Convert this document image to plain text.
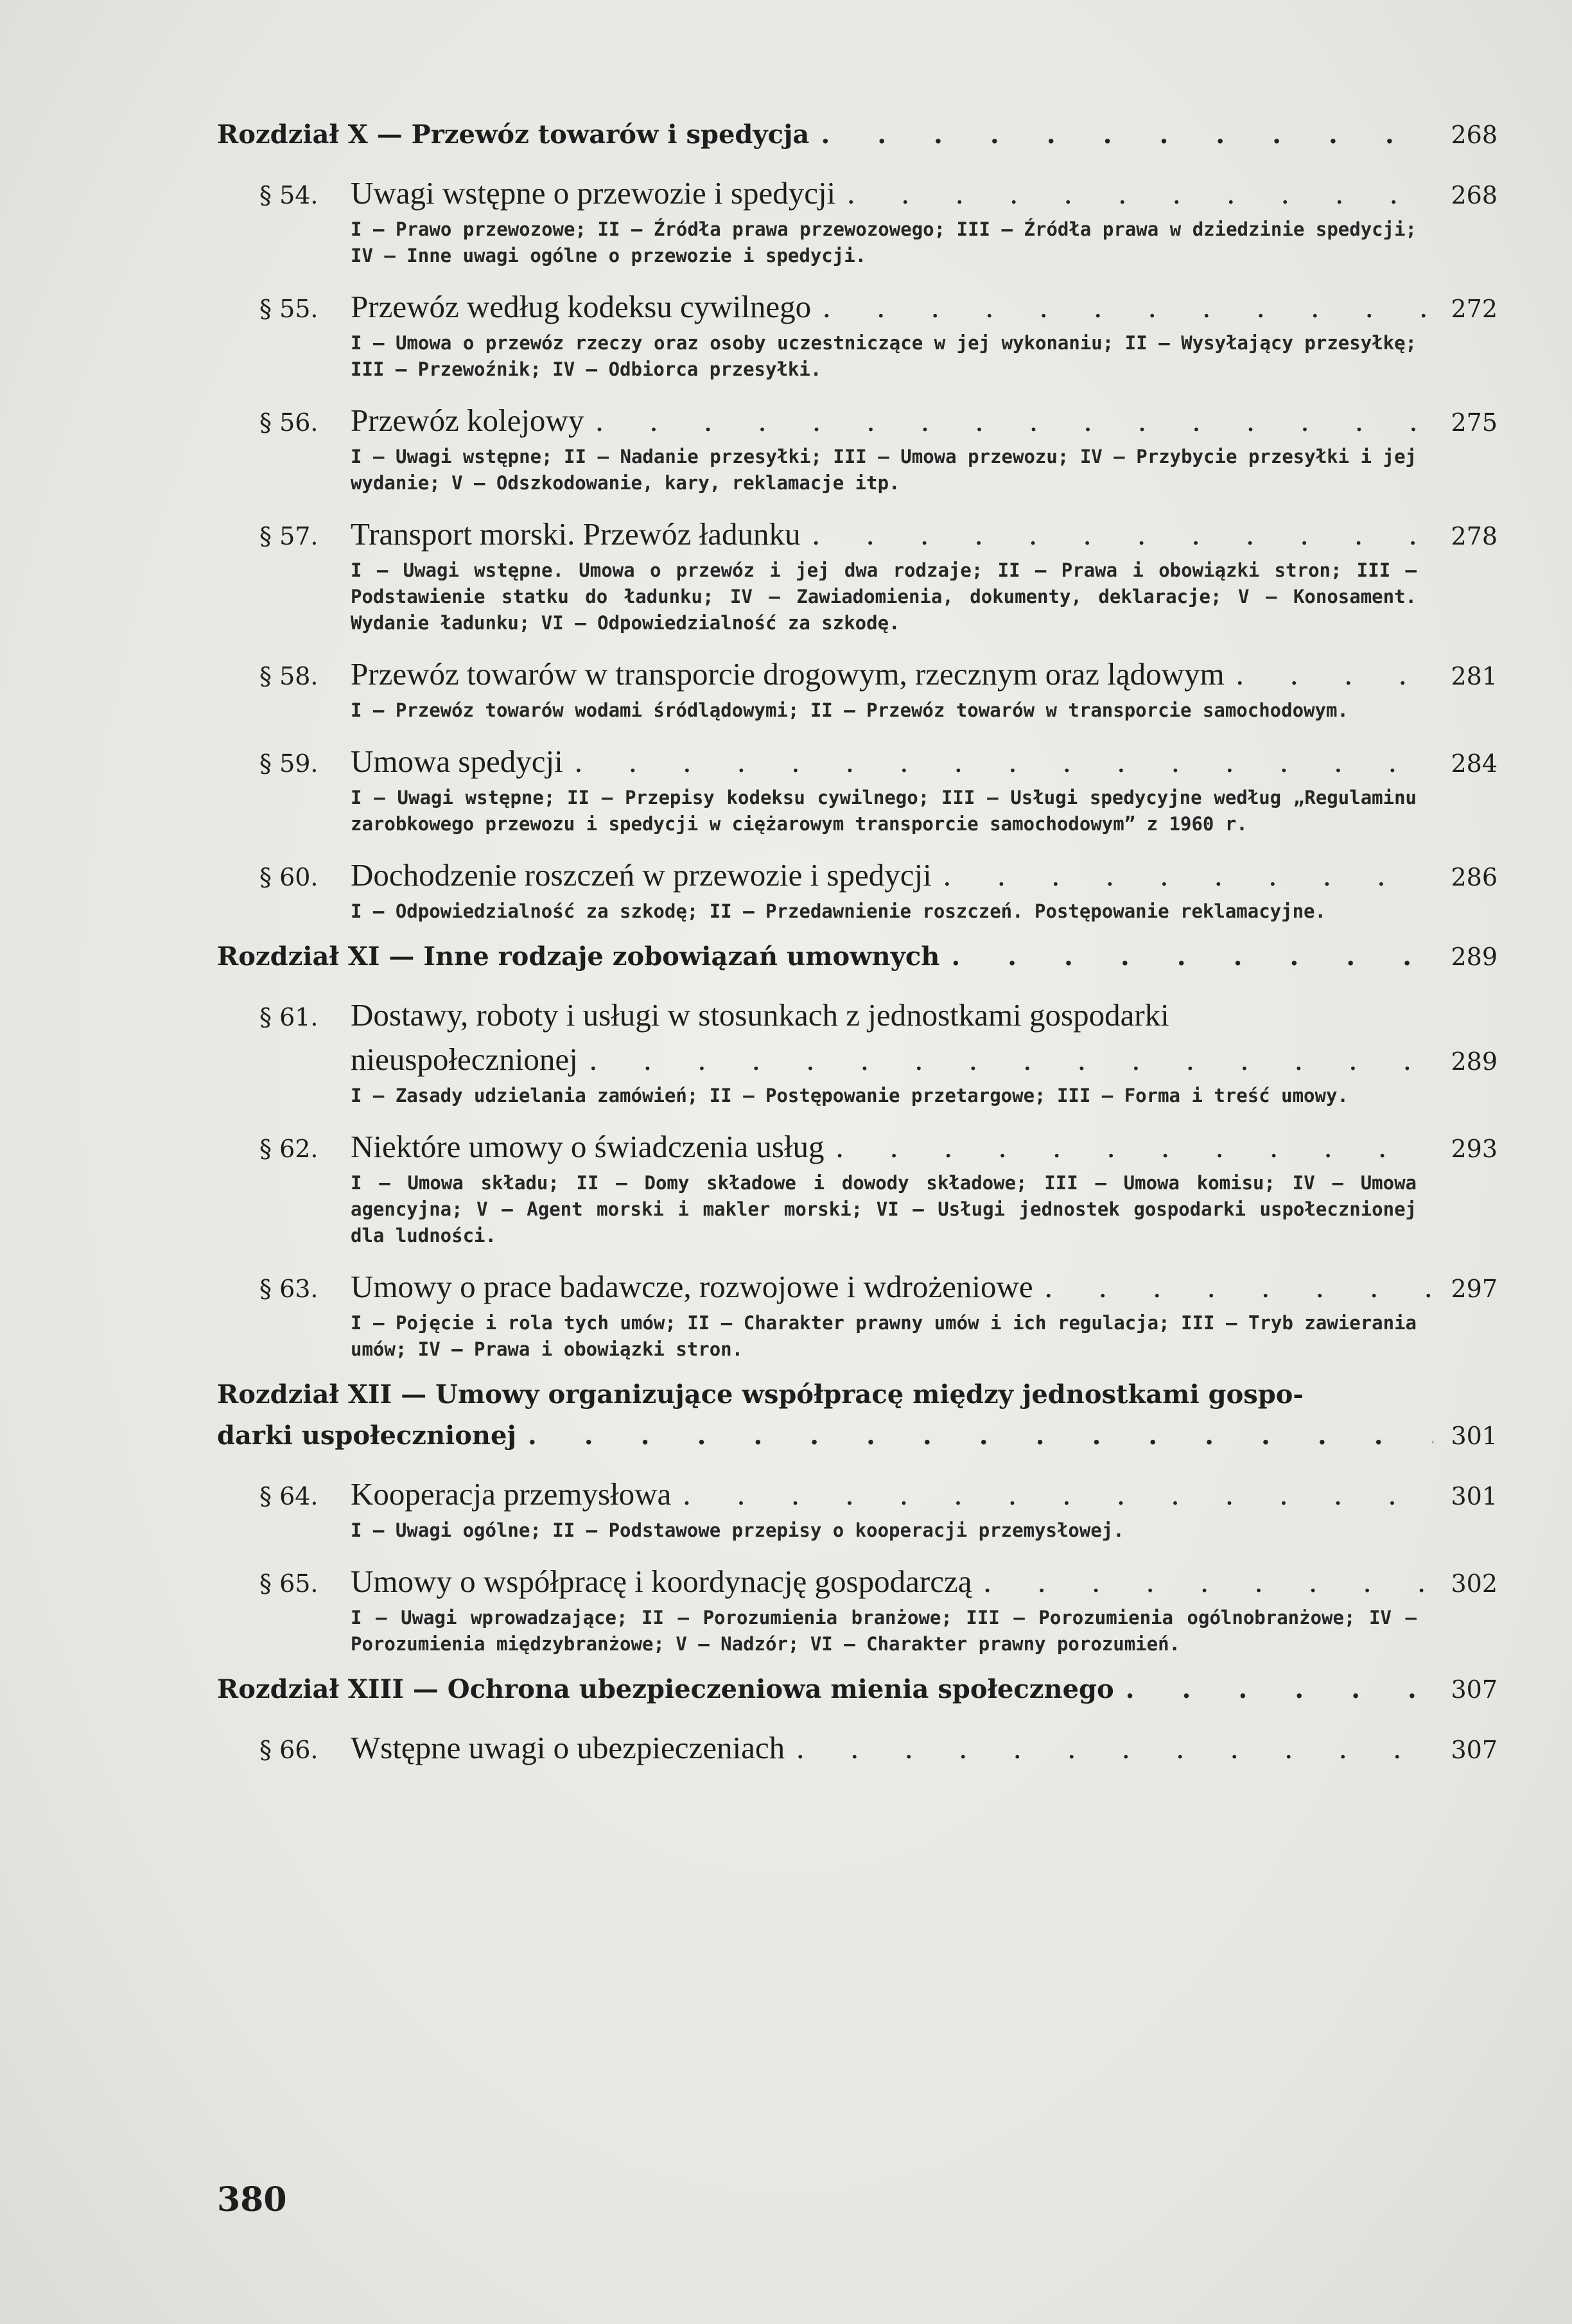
Rozdział X — Przewóz towarów i spedycja . . .	268
§ 54.	Uwagi wstępne o przewozie i spedycji . . .	268
I — Prawo przewozowe; II — Źródła prawa przewozowego; III — Źródła prawa w dziedzinie spedycji; IV — Inne uwagi ogólne o przewozie i spedycji.
§ 55.	Przewóz według kodeksu cywilnego . . .	272
I — Umowa o przewóz rzeczy oraz osoby uczestniczące w jej wykonaniu; II — Wysyłający przesyłkę; III — Przewoźnik; IV — Odbiorca przesyłki.
§ 56.	Przewóz kolejowy . . .	275
I — Uwagi wstępne; II — Nadanie przesyłki; III — Umowa przewozu; IV — Przybycie przesyłki i jej wydanie; V — Odszkodowanie, kary, reklamacje itp.
§ 57.	Transport morski. Przewóz ładunku . . .	278
I — Uwagi wstępne. Umowa o przewóz i jej dwa rodzaje; II — Prawa i obowiązki stron; III — Podstawienie statku do ładunku; IV — Zawiadomienia, dokumenty, deklaracje; V — Konosament. Wydanie ładunku; VI — Odpowiedzialność za szkodę.
§ 58.	Przewóz towarów w transporcie drogowym, rzecznym oraz lądowym . . .	281
I — Przewóz towarów wodami śródlądowymi; II — Przewóz towarów w transporcie samochodowym.
§ 59.	Umowa spedycji . . .	284
I — Uwagi wstępne; II — Przepisy kodeksu cywilnego; III — Usługi spedycyjne według „Regulaminu zarobkowego przewozu i spedycji w ciężarowym transporcie samochodowym” z 1960 r.
§ 60.	Dochodzenie roszczeń w przewozie i spedycji . . .	286
I — Odpowiedzialność za szkodę; II — Przedawnienie roszczeń. Postępowanie reklamacyjne.
Rozdział XI — Inne rodzaje zobowiązań umownych . . .	289
§ 61.	Dostawy, roboty i usługi w stosunkach z jednostkami gospodarki
nieuspołecznionej . . .	289
I — Zasady udzielania zamówień; II — Postępowanie przetargowe; III — Forma i treść umowy.
§ 62.	Niektóre umowy o świadczenia usług . . .	293
I — Umowa składu; II — Domy składowe i dowody składowe; III — Umowa komisu; IV — Umowa agencyjna; V — Agent morski i makler morski; VI — Usługi jednostek gospodarki uspołecznionej dla ludności.
§ 63.	Umowy o prace badawcze, rozwojowe i wdrożeniowe . . .	297
I — Pojęcie i rola tych umów; II — Charakter prawny umów i ich regulacja; III — Tryb zawierania umów; IV — Prawa i obowiązki stron.
Rozdział XII — Umowy organizujące współpracę między jednostkami gospo-
darki uspołecznionej . . .	301
§ 64.	Kooperacja przemysłowa . . .	301
I — Uwagi ogólne; II — Podstawowe przepisy o kooperacji przemysłowej.
§ 65.	Umowy o współpracę i koordynację gospodarczą . . .	302
I — Uwagi wprowadzające; II — Porozumienia branżowe; III — Porozumienia ogólnobranżowe; IV — Porozumienia międzybranżowe; V — Nadzór; VI — Charakter prawny porozumień.
Rozdział XIII — Ochrona ubezpieczeniowa mienia społecznego . . .	307
§ 66.	Wstępne uwagi o ubezpieczeniach . . .	307
380
